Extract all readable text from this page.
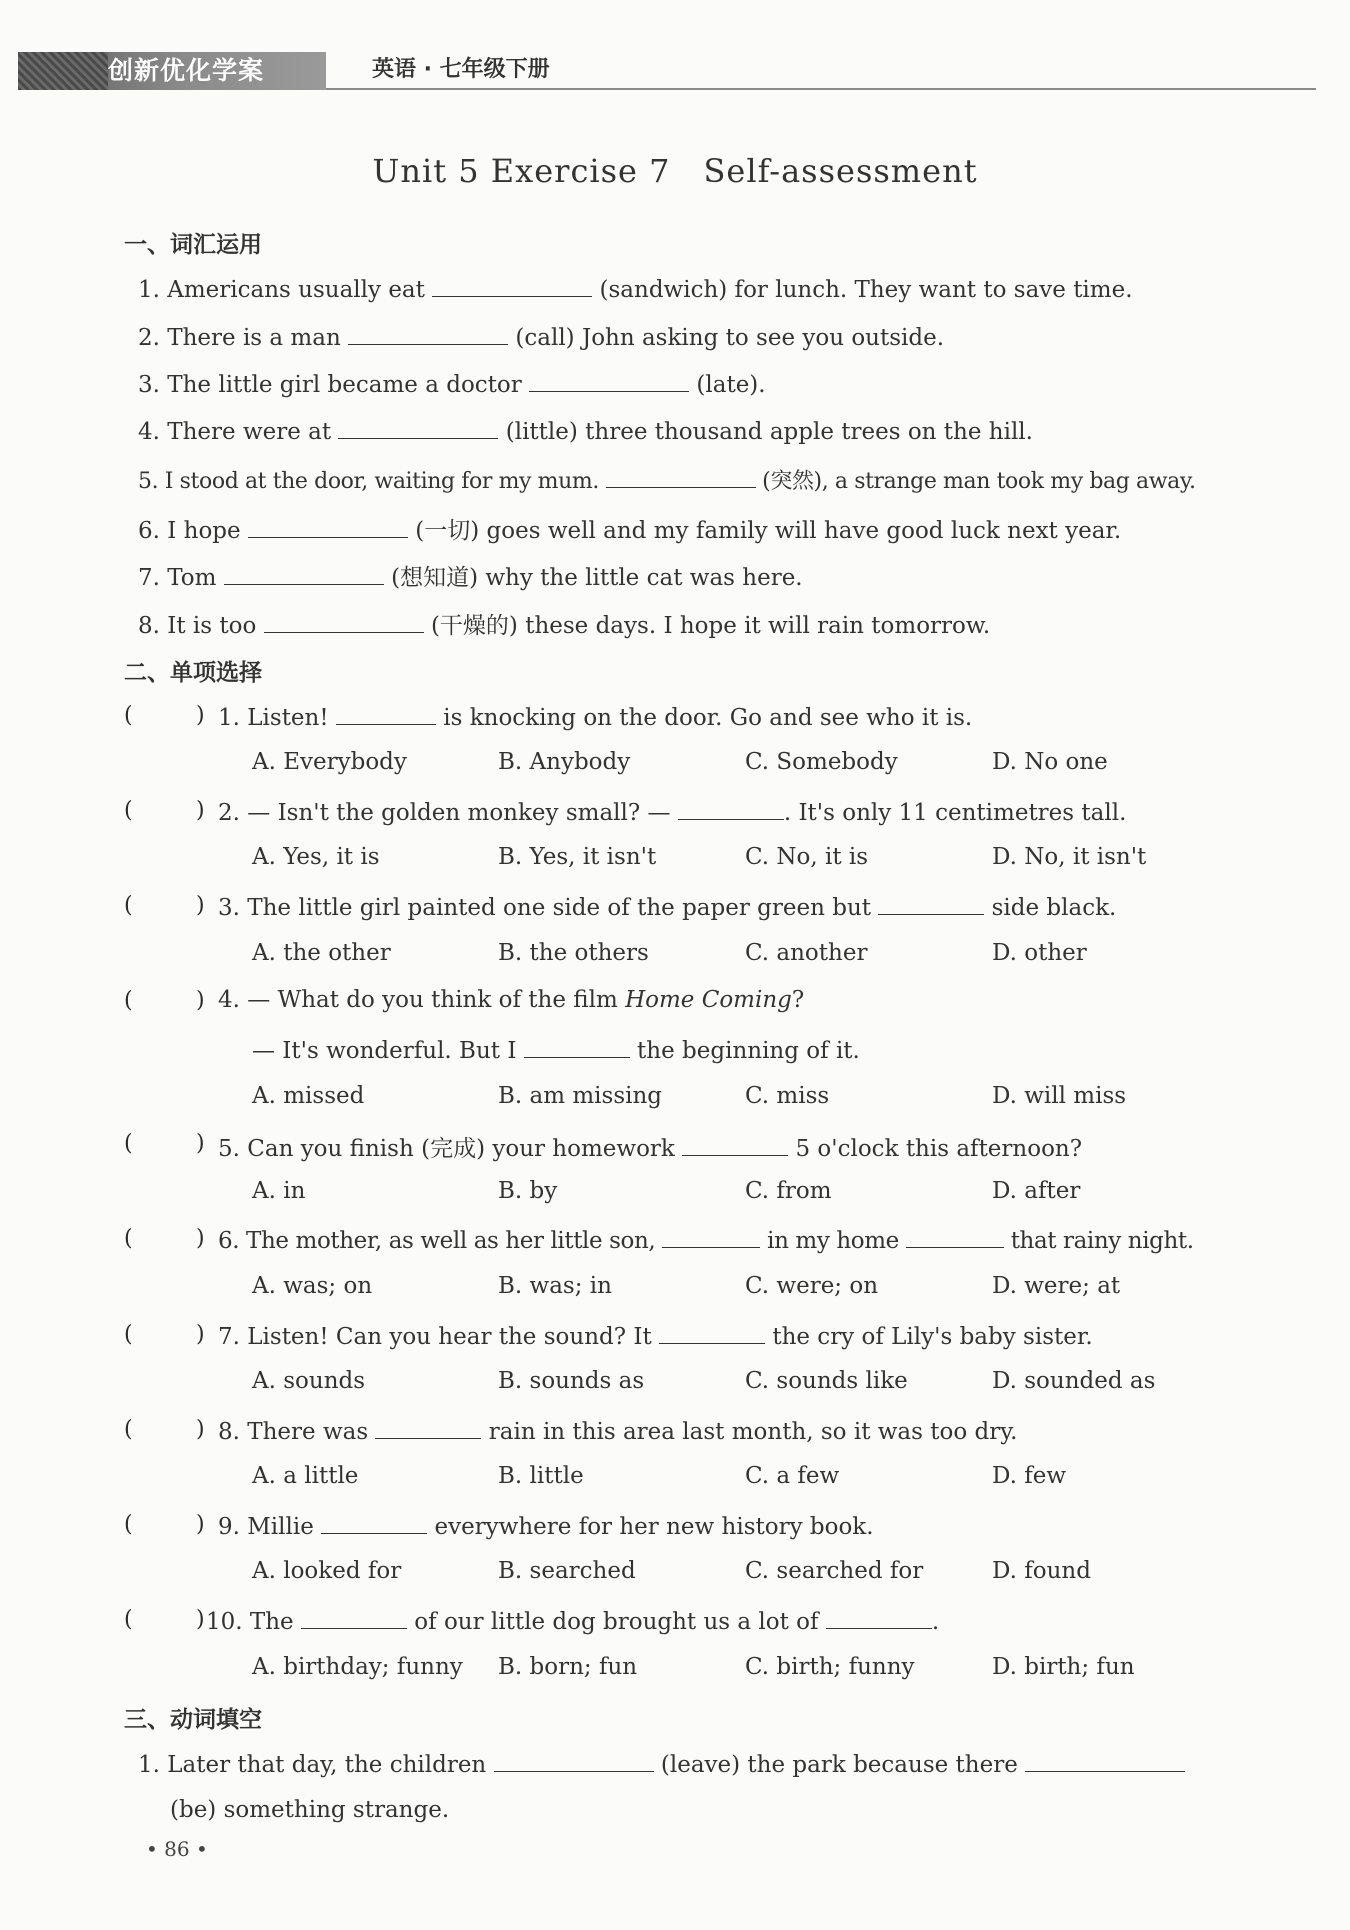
创新优化学案	英语 · 七年级下册
Unit 5 Exercise 7　Self-assessment
一、词汇运用
1. Americans usually eat	(sandwich) for lunch. They want to save time.
2. There is a man	(call) John asking to see you outside.
3. The little girl became a doctor	(late).
4. There were at	(little) three thousand apple trees on the hill.
5. I stood at the door, waiting for my mum.	(突然), a strange man took my bag away.
6. I hope	(一切) goes well and my family will have good luck next year.
7. Tom	(想知道) why the little cat was here.
8. It is too	(干燥的) these days. I hope it will rain tomorrow.
二、单项选择
(	) 1. Listen!	is knocking on the door. Go and see who it is.
A. Everybody	B. Anybody	C. Somebody	D. No one
(	) 2. — Isn't the golden monkey small? —	. It's only 11 centimetres tall.
A. Yes, it is	B. Yes, it isn't	C. No, it is	D. No, it isn't
(	) 3. The little girl painted one side of the paper green but	side black.
A. the other	B. the others	C. another	D. other
(	) 4. — What do you think of the film Home Coming?
— It's wonderful. But I	the beginning of it.
A. missed	B. am missing	C. miss	D. will miss
(	) 5. Can you finish (完成) your homework	5 o'clock this afternoon?
A. in	B. by	C. from	D. after
(	) 6. The mother, as well as her little son,	in my home	that rainy night.
A. was; on	B. was; in	C. were; on	D. were; at
(	) 7. Listen! Can you hear the sound? It	the cry of Lily's baby sister.
A. sounds	B. sounds as	C. sounds like	D. sounded as
(	) 8. There was	rain in this area last month, so it was too dry.
A. a little	B. little	C. a few	D. few
(	) 9. Millie	everywhere for her new history book.
A. looked for	B. searched	C. searched for	D. found
(	) 10. The	of our little dog brought us a lot of	.
A. birthday; funny B. born; fun	C. birth; funny	D. birth; fun
三、动词填空
1. Later that day, the children	(leave) the park because there
(be) something strange.
• 86 •
